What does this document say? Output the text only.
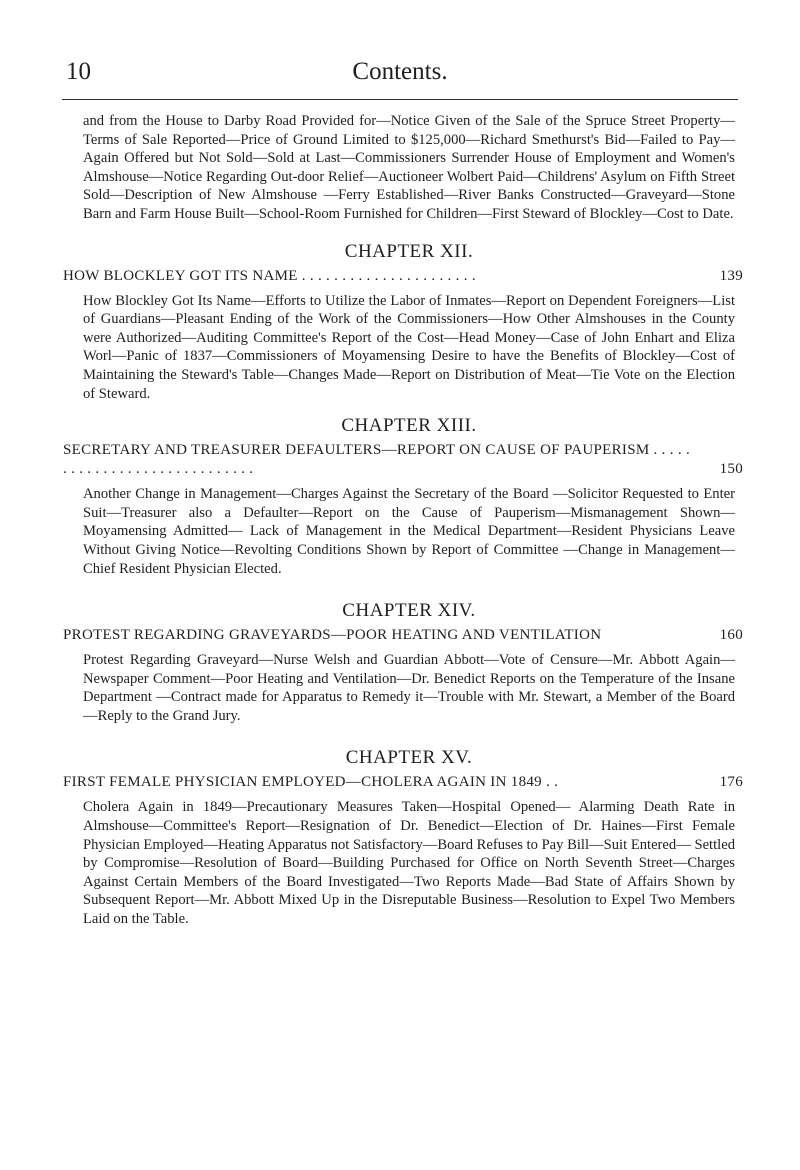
10	Contents.

and from the House to Darby Road Provided for—Notice Given of the Sale of the Spruce Street Property—Terms of Sale Reported—Price of Ground Limited to $125,000—Richard Smethurst's Bid—Failed to Pay—Again Offered but Not Sold—Sold at Last—Commissioners Surrender House of Employment and Women's Almshouse—Notice Regarding Out-door Relief—Auctioneer Wolbert Paid—Childrens' Asylum on Fifth Street Sold—Description of New Almshouse —Ferry Established—River Banks Constructed—Graveyard—Stone Barn and Farm House Built—School-Room Furnished for Children—First Steward of Blockley—Cost to Date.

CHAPTER XII.

HOW BLOCKLEY GOT ITS NAME . . . . . . . . . . . . . . . . . . . . . .	139

How Blockley Got Its Name—Efforts to Utilize the Labor of Inmates—Report on Dependent Foreigners—List of Guardians—Pleasant Ending of the Work of the Commissioners—How Other Almshouses in the County were Authorized—Auditing Committee's Report of the Cost—Head Money—Case of John Enhart and Eliza Worl—Panic of 1837—Commissioners of Moyamensing Desire to have the Benefits of Blockley—Cost of Maintaining the Steward's Table—Changes Made—Report on Distribution of Meat—Tie Vote on the Election of Steward.

CHAPTER XIII.

SECRETARY AND TREASURER DEFAULTERS—REPORT ON CAUSE OF PAUPERISM . . . . . . . . . . . . . . . . . . . . . . . . . . . . .	150

Another Change in Management—Charges Against the Secretary of the Board —Solicitor Requested to Enter Suit—Treasurer also a Defaulter—Report on the Cause of Pauperism—Mismanagement Shown—Moyamensing Admitted— Lack of Management in the Medical Department—Resident Physicians Leave Without Giving Notice—Revolting Conditions Shown by Report of Committee —Change in Management—Chief Resident Physician Elected.

CHAPTER XIV.

PROTEST REGARDING GRAVEYARDS—POOR HEATING AND VENTILATION	160

Protest Regarding Graveyard—Nurse Welsh and Guardian Abbott—Vote of Censure—Mr. Abbott Again—Newspaper Comment—Poor Heating and Ventilation—Dr. Benedict Reports on the Temperature of the Insane Department —Contract made for Apparatus to Remedy it—Trouble with Mr. Stewart, a Member of the Board—Reply to the Grand Jury.

CHAPTER XV.

FIRST FEMALE PHYSICIAN EMPLOYED—CHOLERA AGAIN IN 1849 . .	176

Cholera Again in 1849—Precautionary Measures Taken—Hospital Opened— Alarming Death Rate in Almshouse—Committee's Report—Resignation of Dr. Benedict—Election of Dr. Haines—First Female Physician Employed—Heating Apparatus not Satisfactory—Board Refuses to Pay Bill—Suit Entered— Settled by Compromise—Resolution of Board—Building Purchased for Office on North Seventh Street—Charges Against Certain Members of the Board Investigated—Two Reports Made—Bad State of Affairs Shown by Subsequent Report—Mr. Abbott Mixed Up in the Disreputable Business—Resolution to Expel Two Members Laid on the Table.
